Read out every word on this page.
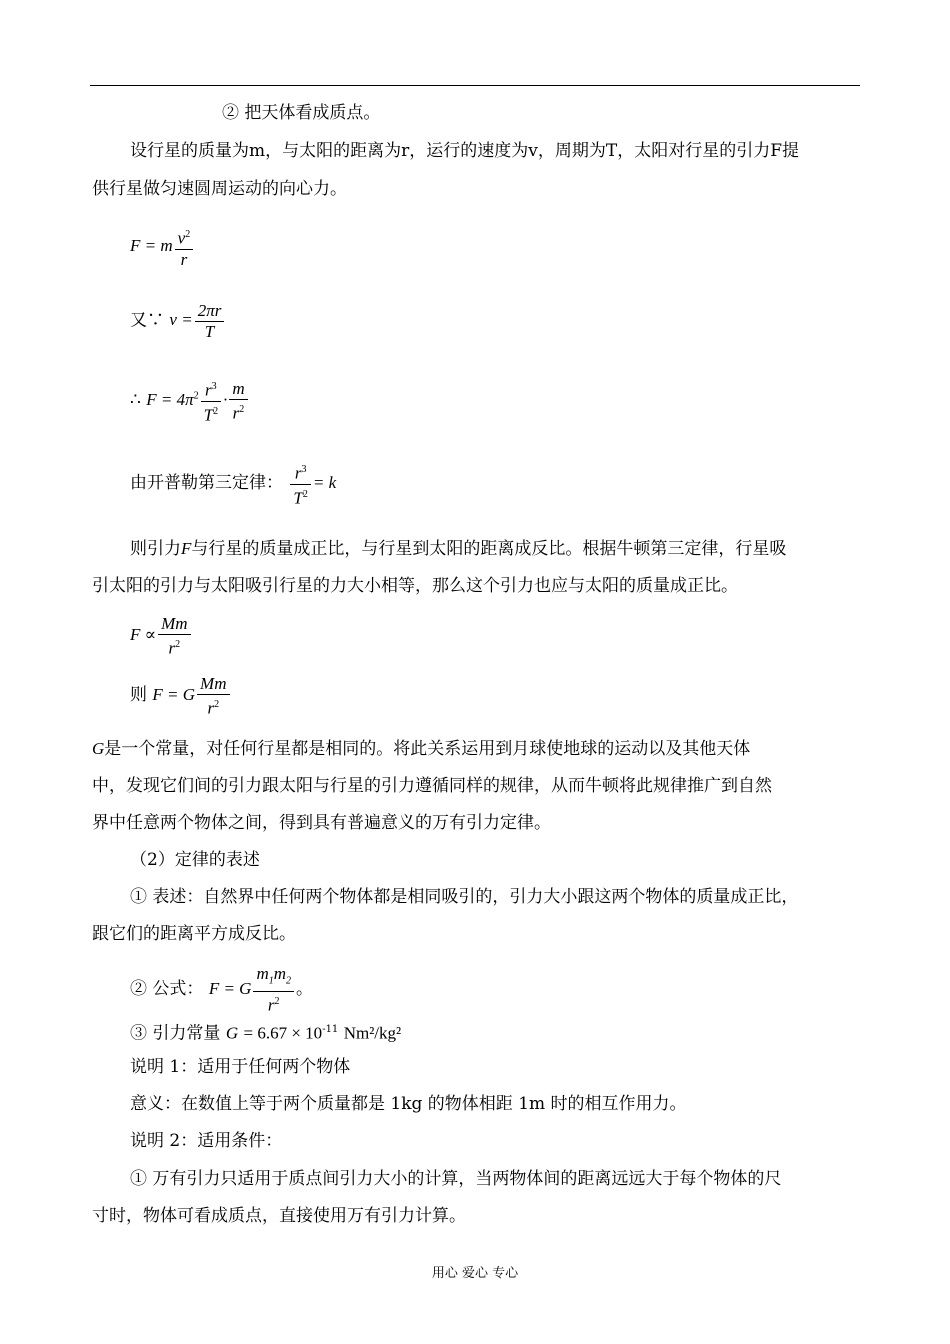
② 把天体看成质点。
设行星的质量为m，与太阳的距离为r，运行的速度为v，周期为T，太阳对行星的引力F提
供行星做匀速圆周运动的向心力。
F = m $\frac{v^2}{r}$
又∵ $v = \frac{2\pi r}{T}$
∴ $F = 4\pi^2 \frac{r^3}{T^2} \cdot \frac{m}{r^2}$
由开普勒第三定律： $\frac{r^3}{T^2} = k$
则引力F与行星的质量成正比，与行星到太阳的距离成反比。根据牛顿第三定律，行星吸
引太阳的引力与太阳吸引行星的力大小相等，那么这个引力也应与太阳的质量成正比。
$F \propto \frac{Mm}{r^2}$
则 F = G $\frac{Mm}{r^2}$
G是一个常量，对任何行星都是相同的。将此关系运用到月球使地球的运动以及其他天体
中，发现它们间的引力跟太阳与行星的引力遵循同样的规律，从而牛顿将此规律推广到自然
界中任意两个物体之间，得到具有普遍意义的万有引力定律。
（2）定律的表述
① 表述：自然界中任何两个物体都是相同吸引的，引力大小跟这两个物体的质量成正比，
跟它们的距离平方成反比。
② 公式： F = G $\frac{m_1m_2}{r^2}$ 。
③ 引力常量 $G = 6.67 \times 10^{-11}$ Nm²/kg²
说明 1：适用于任何两个物体
意义：在数值上等于两个质量都是 1kg 的物体相距 1m 时的相互作用力。
说明 2：适用条件：
① 万有引力只适用于质点间引力大小的计算，当两物体间的距离远远大于每个物体的尺
寸时，物体可看成质点，直接使用万有引力计算。
用心 爱心 专心
